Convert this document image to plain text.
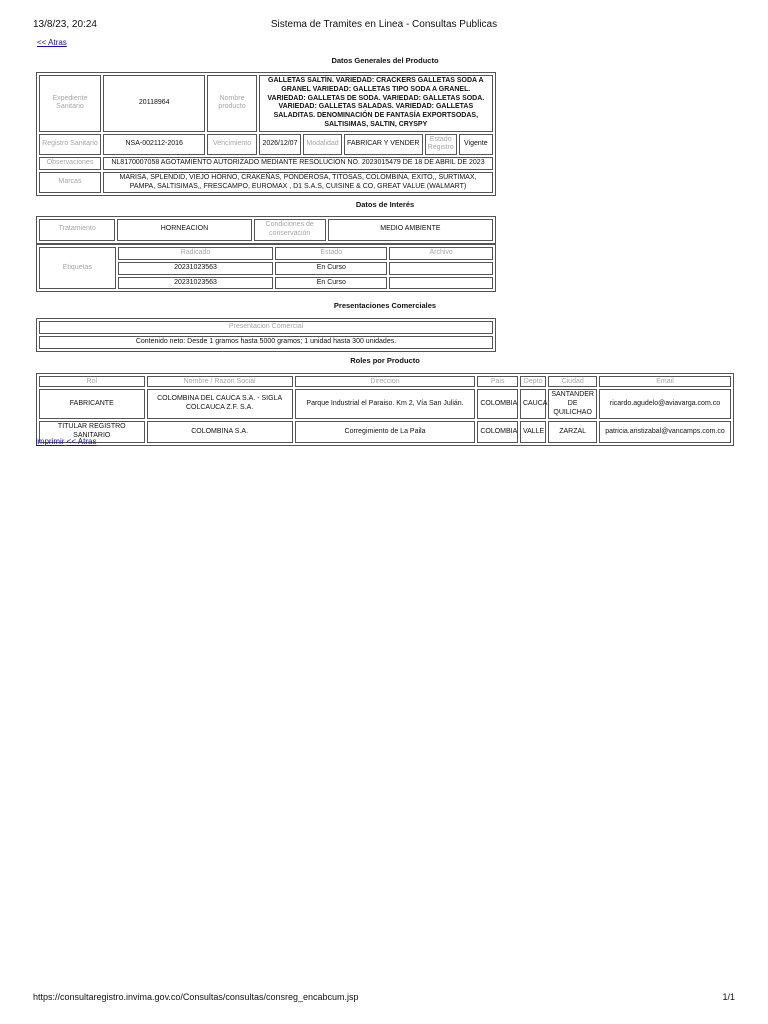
13/8/23, 20:24	Sistema de Tramites en Linea - Consultas Publicas
<< Atras
Datos Generales del Producto
Expediente Sanitario	20118964	Nombre producto	GALLETAS SALTÍN. VARIEDAD: CRACKERS GALLETAS SODA A GRANEL VARIEDAD: GALLETAS TIPO SODA A GRANEL. VARIEDAD: GALLETAS DE SODA. VARIEDAD: GALLETAS SODA. VARIEDAD: GALLETAS SALADAS. VARIEDAD: GALLETAS SALADITAS. DENOMINACIÓN DE FANTASÍA EXPORTSODAS, SALTISIMAS, SALTIN, CRYSPY				
Registro Sanitario	NSA-002112-2016	Vencimiento	2026/12/07	Modalidad	FABRICAR Y VENDER	Estado Registro	Vigente
Observaciones	NL8170007058 AGOTAMIENTO AUTORIZADO MEDIANTE RESOLUCION NO. 2023015479 DE 18 DE ABRIL DE 2023						
Marcas	MARISA, SPLENDID, VIEJO HORNO, CRAKEÑAS, PONDEROSA, TITOSAS, COLOMBINA, EXITO,, SURTIMAX, PAMPA, SALTISIMAS,, FRESCAMPO, EUROMAX , D1 S.A.S, CUISINE & CO, GREAT VALUE (WALMART)						
Datos de Interés
Tratamiento	HORNEACION	Condiciones de conservación	MEDIO AMBIENTE
Etiquetas	Radicado	Estado	Archivo
	20231023563	En Curso	
	20231023563	En Curso	
Presentaciones Comerciales
Presentacion Comercial
Contenido neto: Desde 1 gramos hasta 5000 gramos; 1 unidad hasta 300 unidades.
Roles por Producto
Rol	Nombre / Razon Social	Direccion	Pais	Depto	Ciudad	Email
FABRICANTE	COLOMBINA DEL CAUCA S.A. - SIGLA COLCAUCA Z.F. S.A.	Parque Industrial el Paraiso. Km 2, Vía San Julián.	COLOMBIA	CAUCA	SANTANDER DE QUILICHAO	ricardo.agudelo@aviavarga.com.co
TITULAR REGISTRO SANITARIO	COLOMBINA S.A.	Corregimiento de La Paila	COLOMBIA	VALLE	ZARZAL	patricia.aristizabal@vancamps.com.co
imprimir << Atras
https://consultaregistro.invima.gov.co/Consultas/consultas/consreg_encabcum.jsp	1/1
